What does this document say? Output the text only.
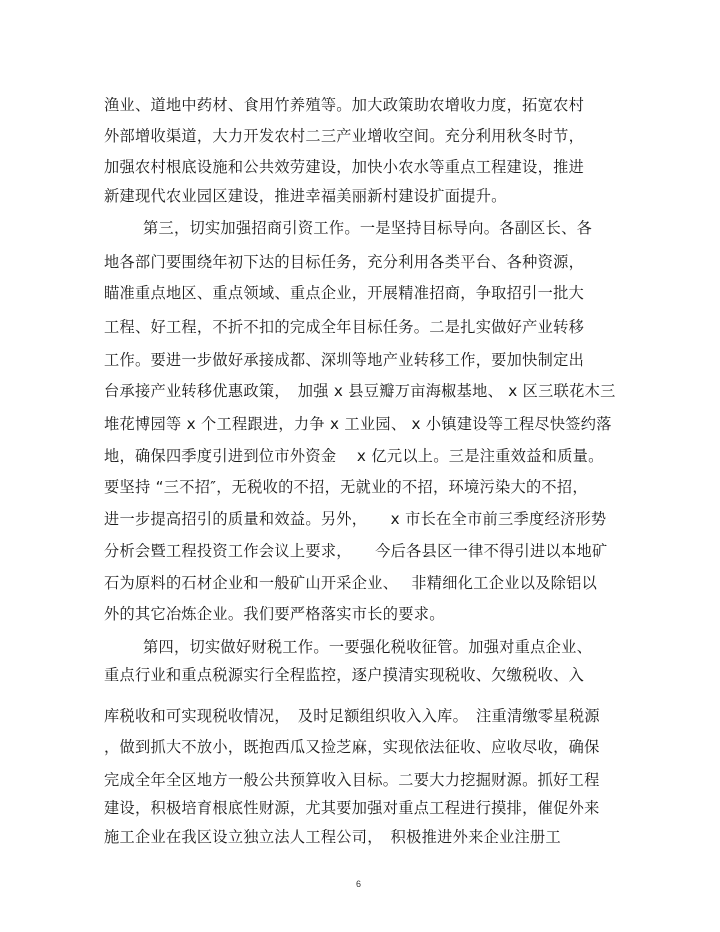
渔业、道地中药材、食用竹养殖等。加大政策助农增收力度，拓宽农村
外部增收渠道，大力开发农村二三产业增收空间。充分利用秋冬时节，
加强农村根底设施和公共效劳建设，加快小农水等重点工程建设，推进
新建现代农业园区建设，推进幸福美丽新村建设扩面提升。
第三，切实加强招商引资工作。一是坚持目标导向。各副区长、各
地各部门要围绕年初下达的目标任务，充分利用各类平台、各种资源，
瞄准重点地区、重点领域、重点企业，开展精准招商，争取招引一批大
工程、好工程，不折不扣的完成全年目标任务。二是扎实做好产业转移
工作。要进一步做好承接成都、深圳等地产业转移工作，要加快制定出
台承接产业转移优惠政策，　加强 x 县豆瓣万亩海椒基地、 x 区三联花木三
堆花博园等 x 个工程跟进，力争 x 工业园、 x 小镇建设等工程尽快签约落
地，确保四季度引进到位市外资金　 x 亿元以上。三是注重效益和质量。
要坚持 “三不招″，无税收的不招，无就业的不招，环境污染大的不招，
进一步提高招引的质量和效益。另外，　　x 市长在全市前三季度经济形势
分析会暨工程投资工作会议上要求，　　今后各县区一律不得引进以本地矿
石为原料的石材企业和一般矿山开采企业、　 非精细化工企业以及除铝以
外的其它冶炼企业。我们要严格落实市长的要求。
第四，切实做好财税工作。一要强化税收征管。加强对重点企业、
重点行业和重点税源实行全程监控，逐户摸清实现税收、欠缴税收、入
库税收和可实现税收情况，　及时足额组织收入入库。　注重清缴零星税源
，做到抓大不放小，既抱西瓜又捡芝麻，实现依法征收、应收尽收，确保
完成全年全区地方一般公共预算收入目标。二要大力挖掘财源。抓好工程
建设，积极培育根底性财源，尤其要加强对重点工程进行摸排，催促外来
施工企业在我区设立独立法人工程公司，　积极推进外来企业注册工
6
